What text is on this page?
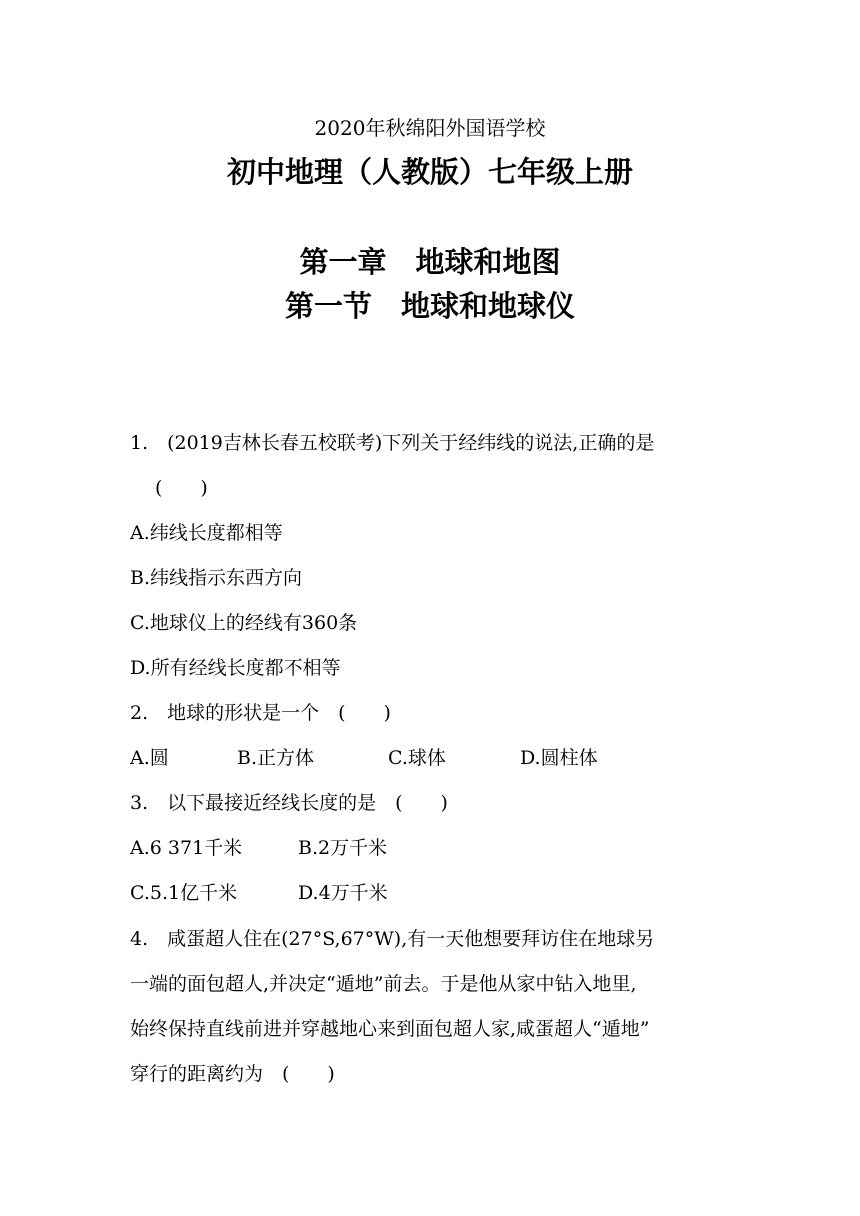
2020年秋绵阳外国语学校
初中地理（人教版）七年级上册
第一章　地球和地图
第一节　地球和地球仪
1.　(2019吉林长春五校联考)下列关于经纬线的说法,正确的是
(　　)
A.纬线长度都相等
B.纬线指示东西方向
C.地球仪上的经线有360条
D.所有经线长度都不相等
2.　地球的形状是一个　(　　)
A.圆	B.正方体	C.球体	D.圆柱体
3.　以下最接近经线长度的是　(　　)
A.6 371千米	B.2万千米
C.5.1亿千米	D.4万千米
4.　咸蛋超人住在(27°S,67°W),有一天他想要拜访住在地球另
一端的面包超人,并决定“遁地”前去。于是他从家中钻入地里,
始终保持直线前进并穿越地心来到面包超人家,咸蛋超人“遁地”
穿行的距离约为　(　　)
